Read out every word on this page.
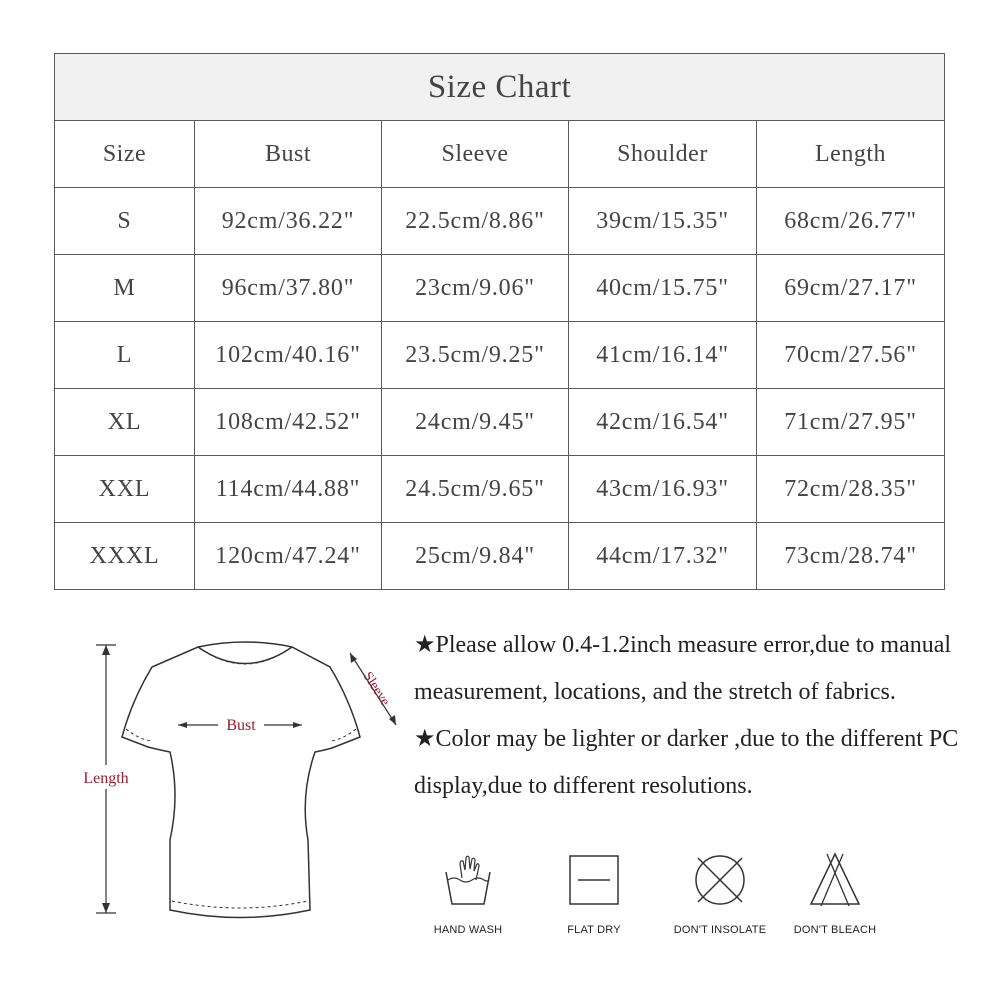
Size Chart				
Size	Bust	Sleeve	Shoulder	Length
S	92cm/36.22"	22.5cm/8.86"	39cm/15.35"	68cm/26.77"
M	96cm/37.80"	23cm/9.06"	40cm/15.75"	69cm/27.17"
L	102cm/40.16"	23.5cm/9.25"	41cm/16.14"	70cm/27.56"
XL	108cm/42.52"	24cm/9.45"	42cm/16.54"	71cm/27.95"
XXL	114cm/44.88"	24.5cm/9.65"	43cm/16.93"	72cm/28.35"
XXXL	120cm/47.24"	25cm/9.84"	44cm/17.32"	73cm/28.74"
Length
Bust
Sleeve

★Please allow 0.4-1.2inch measure error,due to manual measurement, locations, and the stretch of fabrics.

★Color may be lighter or darker ,due to the different PC display,due to different resolutions.

HAND WASH	FLAT DRY	DON'T INSOLATE	DON'T BLEACH
